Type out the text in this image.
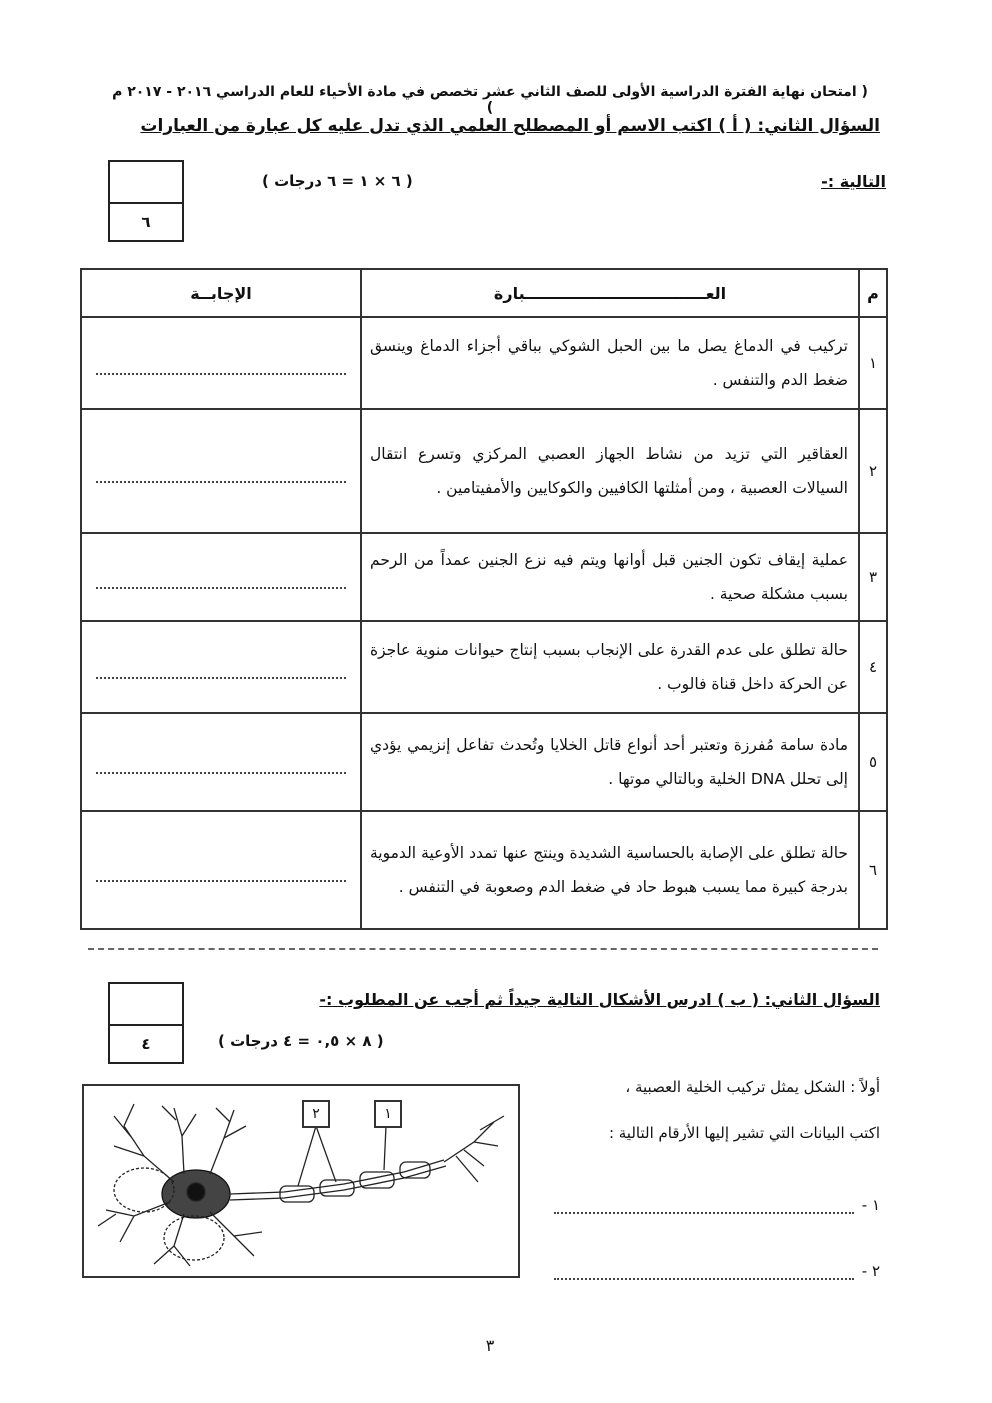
( امتحان نهاية الفترة الدراسية الأولى للصف الثاني عشر تخصص في مادة الأحياء للعام الدراسي ٢٠١٦ - ٢٠١٧ م )
السؤال الثاني: ( أ ) اكتب الاسم أو المصطلح العلمي الذي تدل عليه كل عبارة من العبارات
التالية :-
( ٦ × ١ = ٦ درجات )
٦
م	العـــــــــــــــــــــــــــــــــبارة	الإجابــة
١	تركيب في الدماغ يصل ما بين الحبل الشوكي بباقي أجزاء الدماغ وينسق ضغط الدم والتنفس .	

٢	العقاقير التي تزيد من نشاط الجهاز العصبي المركزي وتسرع انتقال السيالات العصبية ، ومن أمثلتها الكافيين والكوكايين والأمفيتامين .	

٣	عملية إيقاف تكون الجنين قبل أوانها ويتم فيه نزع الجنين عمداً من الرحم بسبب مشكلة صحية .	

٤	حالة تطلق على عدم القدرة على الإنجاب بسبب إنتاج حيوانات منوية عاجزة عن الحركة داخل قناة فالوب .	

٥	مادة سامة مُفرزة وتعتبر أحد أنواع قاتل الخلايا وتُحدث تفاعل إنزيمي يؤدي إلى تحلل DNA الخلية وبالتالي موتها .	

٦	حالة تطلق على الإصابة بالحساسية الشديدة وينتج عنها تمدد الأوعية الدموية بدرجة كبيرة مما يسبب هبوط حاد في ضغط الدم وصعوبة في التنفس .	
٤
السؤال الثاني: ( ب ) ادرس الأشكال التالية جيداً ثم أجب عن المطلوب :-
( ٨ × ٠,٥ = ٤ درجات )
أولاً : الشكل يمثل تركيب الخلية العصبية ،
اكتب البيانات التي تشير إليها الأرقام التالية :
١ -
٢ -
٢	١
٣
